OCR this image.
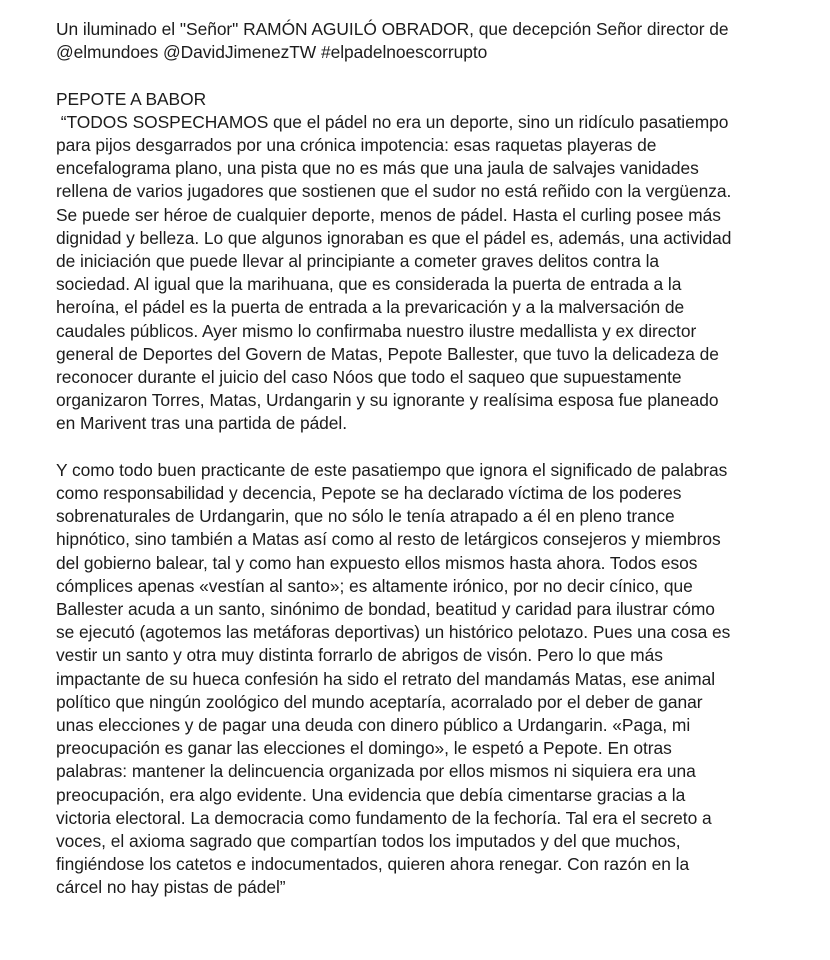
Un iluminado el "Señor" RAMÓN AGUILÓ OBRADOR, que decepción Señor director de
@elmundoes @DavidJimenezTW #elpadelnoescorrupto
PEPOTE A BABOR
“TODOS SOSPECHAMOS que el pádel no era un deporte, sino un ridículo pasatiempo
para pijos desgarrados por una crónica impotencia: esas raquetas playeras de
encefalograma plano, una pista que no es más que una jaula de salvajes vanidades
rellena de varios jugadores que sostienen que el sudor no está reñido con la vergüenza.
Se puede ser héroe de cualquier deporte, menos de pádel. Hasta el curling posee más
dignidad y belleza. Lo que algunos ignoraban es que el pádel es, además, una actividad
de iniciación que puede llevar al principiante a cometer graves delitos contra la
sociedad. Al igual que la marihuana, que es considerada la puerta de entrada a la
heroína, el pádel es la puerta de entrada a la prevaricación y a la malversación de
caudales públicos. Ayer mismo lo confirmaba nuestro ilustre medallista y ex director
general de Deportes del Govern de Matas, Pepote Ballester, que tuvo la delicadeza de
reconocer durante el juicio del caso Nóos que todo el saqueo que supuestamente
organizaron Torres, Matas, Urdangarin y su ignorante y realísima esposa fue planeado
en Marivent tras una partida de pádel.
Y como todo buen practicante de este pasatiempo que ignora el significado de palabras
como responsabilidad y decencia, Pepote se ha declarado víctima de los poderes
sobrenaturales de Urdangarin, que no sólo le tenía atrapado a él en pleno trance
hipnótico, sino también a Matas así como al resto de letárgicos consejeros y miembros
del gobierno balear, tal y como han expuesto ellos mismos hasta ahora. Todos esos
cómplices apenas «vestían al santo»; es altamente irónico, por no decir cínico, que
Ballester acuda a un santo, sinónimo de bondad, beatitud y caridad para ilustrar cómo
se ejecutó (agotemos las metáforas deportivas) un histórico pelotazo. Pues una cosa es
vestir un santo y otra muy distinta forrarlo de abrigos de visón. Pero lo que más
impactante de su hueca confesión ha sido el retrato del mandamás Matas, ese animal
político que ningún zoológico del mundo aceptaría, acorralado por el deber de ganar
unas elecciones y de pagar una deuda con dinero público a Urdangarin. «Paga, mi
preocupación es ganar las elecciones el domingo», le espetó a Pepote. En otras
palabras: mantener la delincuencia organizada por ellos mismos ni siquiera era una
preocupación, era algo evidente. Una evidencia que debía cimentarse gracias a la
victoria electoral. La democracia como fundamento de la fechoría. Tal era el secreto a
voces, el axioma sagrado que compartían todos los imputados y del que muchos,
fingiéndose los catetos e indocumentados, quieren ahora renegar. Con razón en la
cárcel no hay pistas de pádel”
